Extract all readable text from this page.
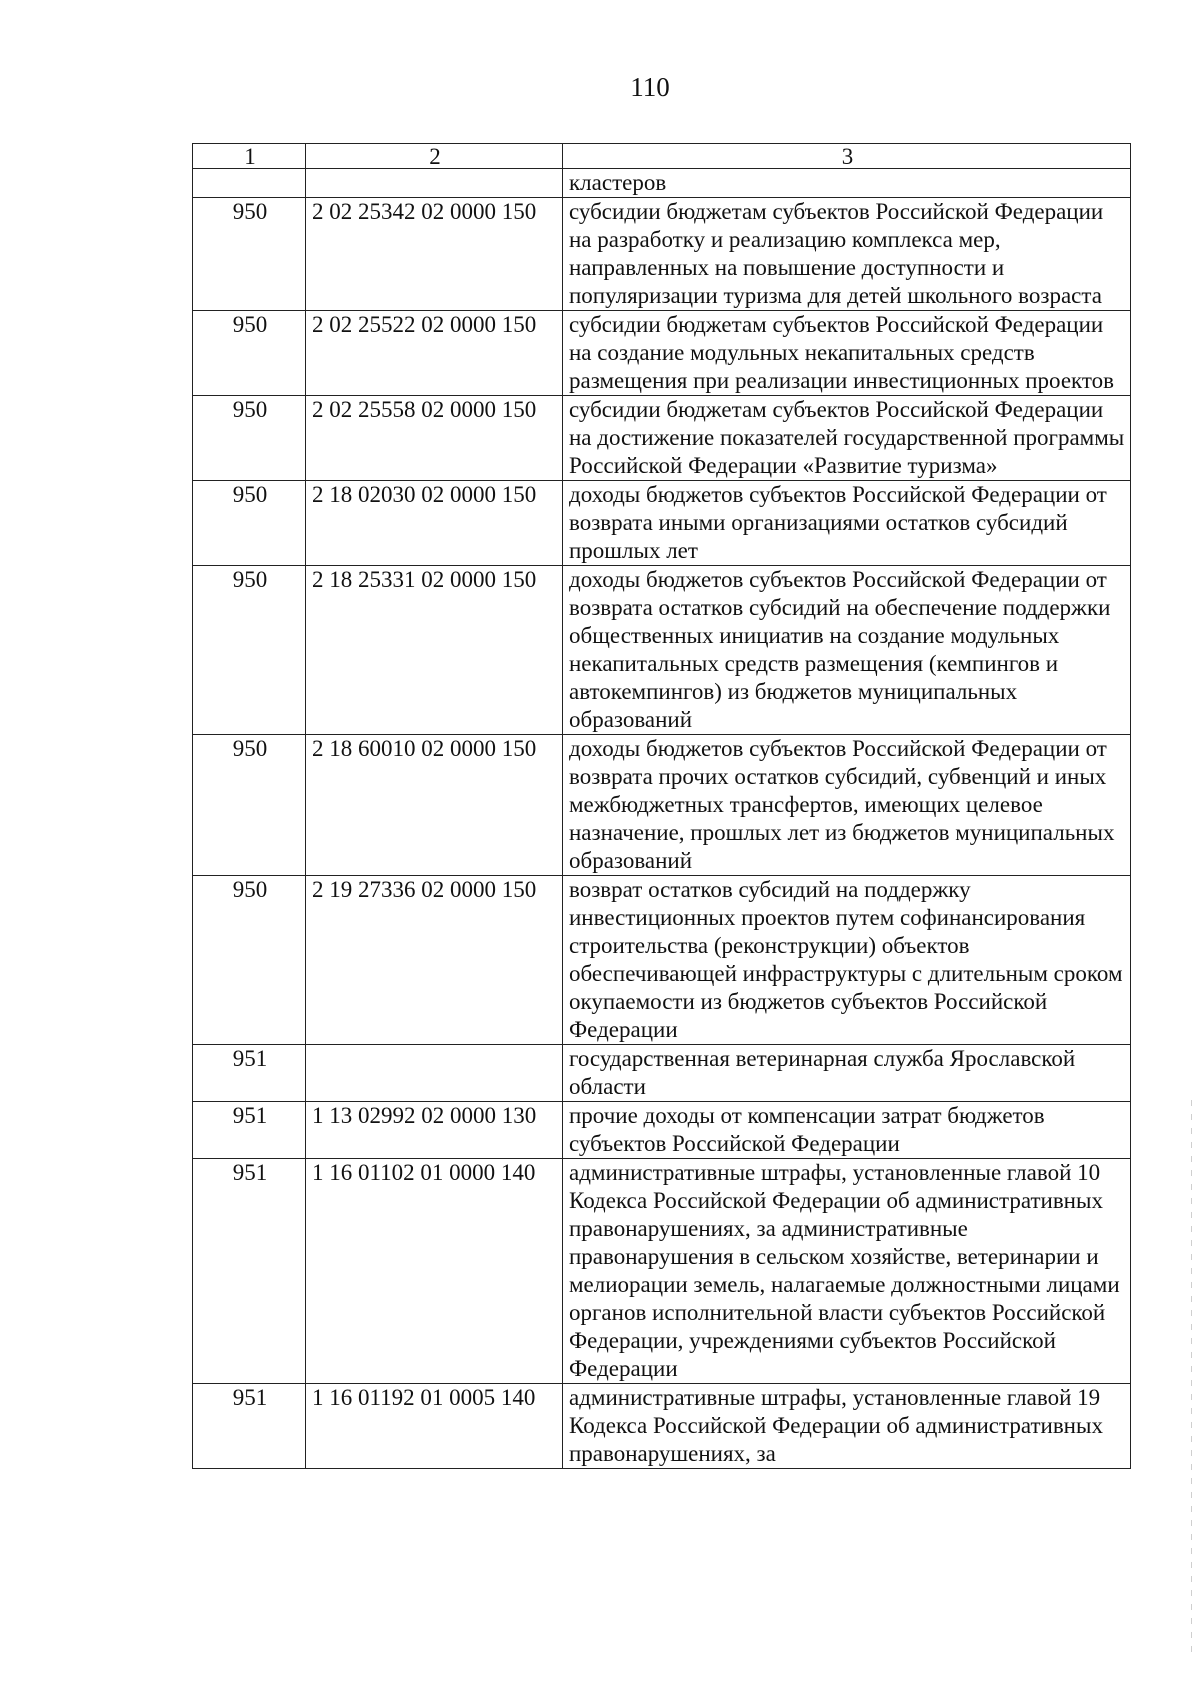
110
1	2	3
		кластеров
950	2 02 25342 02 0000 150	субсидии бюджетам субъектов Российской Федерации на разработку и реализацию комплекса мер, направленных на повышение доступности и популяризации туризма для детей школьного возраста
950	2 02 25522 02 0000 150	субсидии бюджетам субъектов Российской Федерации на создание модульных некапитальных средств размещения при реализации инвестиционных проектов
950	2 02 25558 02 0000 150	субсидии бюджетам субъектов Российской Федерации на достижение показателей государственной программы Российской Федерации «Развитие туризма»
950	2 18 02030 02 0000 150	доходы бюджетов субъектов Российской Федерации от возврата иными организациями остатков субсидий прошлых лет
950	2 18 25331 02 0000 150	доходы бюджетов субъектов Российской Федерации от возврата остатков субсидий на обеспечение поддержки общественных инициатив на создание модульных некапитальных средств размещения (кемпингов и автокемпингов) из бюджетов муниципальных образований
950	2 18 60010 02 0000 150	доходы бюджетов субъектов Российской Федерации от возврата прочих остатков субсидий, субвенций и иных межбюджетных трансфертов, имеющих целевое назначение, прошлых лет из бюджетов муниципальных образований
950	2 19 27336 02 0000 150	возврат остатков субсидий на поддержку инвестиционных проектов путем софинансирования строительства (реконструкции) объектов обеспечивающей инфраструктуры с длительным сроком окупаемости из бюджетов субъектов Российской Федерации
951		государственная ветеринарная служба Ярославской области
951	1 13 02992 02 0000 130	прочие доходы от компенсации затрат бюджетов субъектов Российской Федерации
951	1 16 01102 01 0000 140	административные штрафы, установленные главой 10 Кодекса Российской Федерации об административных правонарушениях, за административные правонарушения в сельском хозяйстве, ветеринарии и мелиорации земель, налагаемые должностными лицами органов исполнительной власти субъектов Российской Федерации, учреждениями субъектов Российской Федерации
951	1 16 01192 01 0005 140	административные штрафы, установленные главой 19 Кодекса Российской Федерации об административных правонарушениях, за
